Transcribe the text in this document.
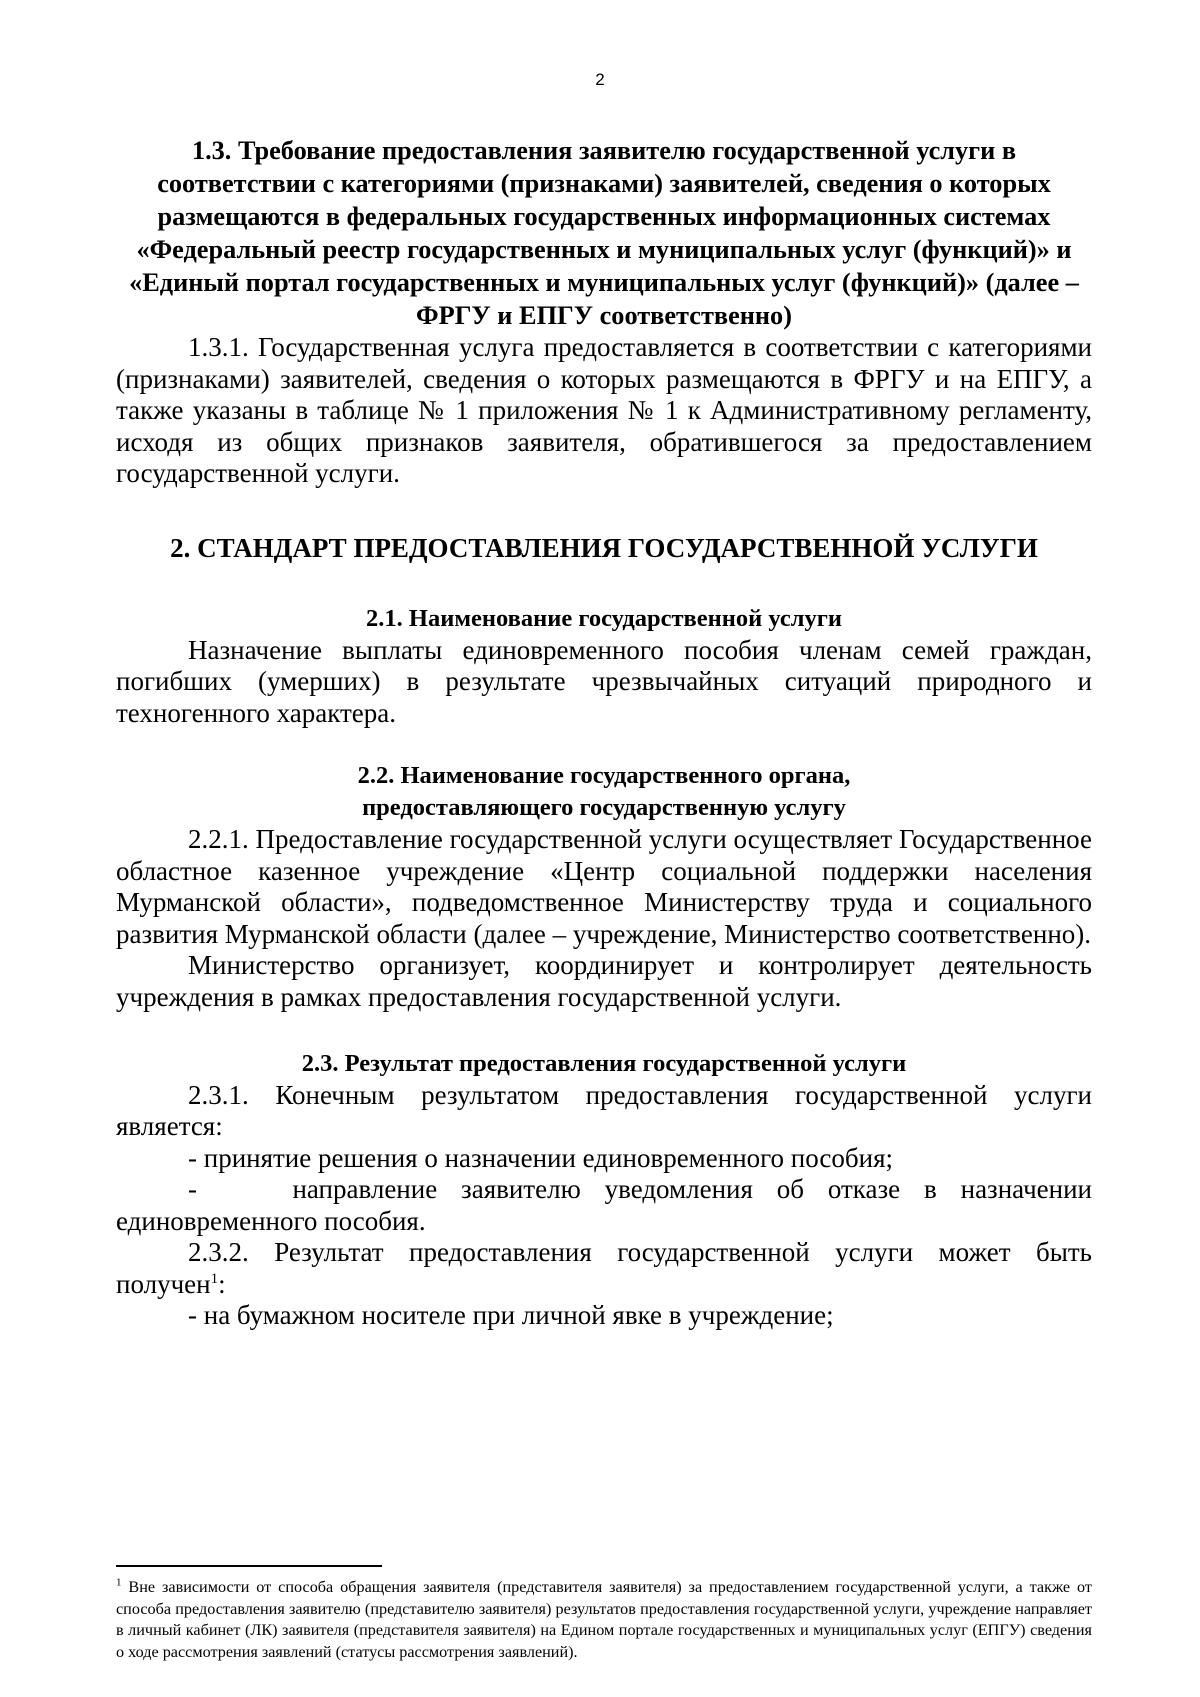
2
1.3. Требование предоставления заявителю государственной услуги в соответствии с категориями (признаками) заявителей, сведения о которых размещаются в федеральных государственных информационных системах «Федеральный реестр государственных и муниципальных услуг (функций)» и «Единый портал государственных и муниципальных услуг (функций)» (далее – ФРГУ и ЕПГУ соответственно)

1.3.1. Государственная услуга предоставляется в соответствии с категориями (признаками) заявителей, сведения о которых размещаются в ФРГУ и на ЕПГУ, а также указаны в таблице № 1 приложения № 1 к Административному регламенту, исходя из общих признаков заявителя, обратившегося за предоставлением государственной услуги.

2. СТАНДАРТ ПРЕДОСТАВЛЕНИЯ ГОСУДАРСТВЕННОЙ УСЛУГИ
2.1. Наименование государственной услуги

Назначение выплаты единовременного пособия членам семей граждан, погибших (умерших) в результате чрезвычайных ситуаций природного и техногенного характера.

2.2. Наименование государственного органа,
предоставляющего государственную услугу

2.2.1. Предоставление государственной услуги осуществляет Государственное областное казенное учреждение «Центр социальной поддержки населения Мурманской области», подведомственное Министерству труда и социального развития Мурманской области (далее – учреждение, Министерство соответственно).

Министерство организует, координирует и контролирует деятельность учреждения в рамках предоставления государственной услуги.

2.3. Результат предоставления государственной услуги

2.3.1. Конечным результатом предоставления государственной услуги является:

- принятие решения о назначении единовременного пособия;

-    направление заявителю уведомления об отказе в назначении единовременного пособия.

2.3.2. Результат предоставления государственной услуги может быть получен$^1$:

- на бумажном носителе при личной явке в учреждение;

$^1$ Вне зависимости от способа обращения заявителя (представителя заявителя) за предоставлением государственной услуги, а также от способа предоставления заявителю (представителю заявителя) результатов предоставления государственной услуги, учреждение направляет в личный кабинет (ЛК) заявителя (представителя заявителя) на Едином портале государственных и муниципальных услуг (ЕПГУ) сведения о ходе рассмотрения заявлений (статусы рассмотрения заявлений).
